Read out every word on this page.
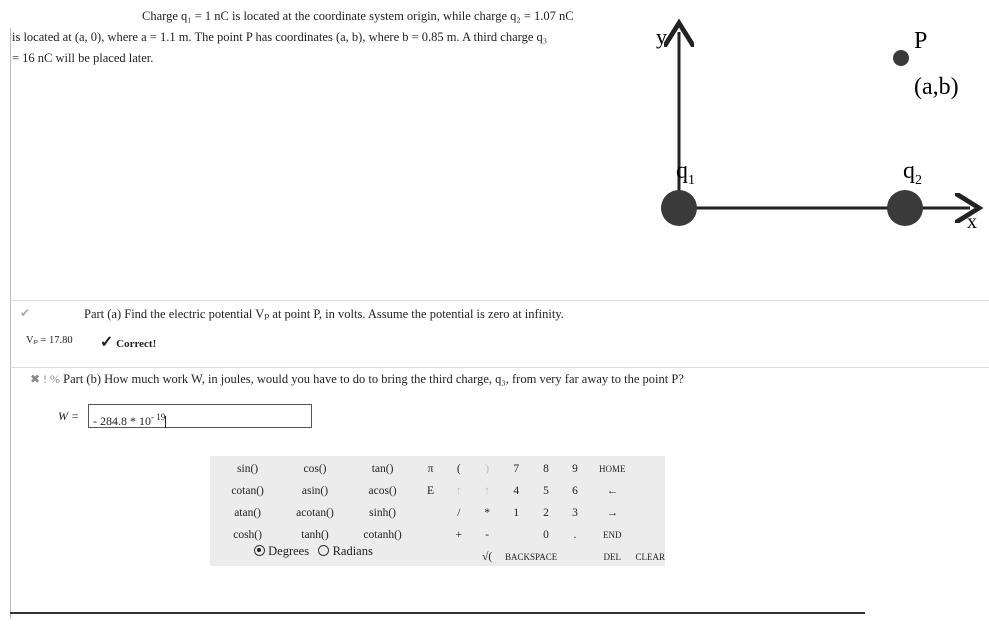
Charge q₁ = 1 nC is located at the coordinate system origin, while charge q₂ = 1.07 nC
is located at (a, 0), where a = 1.1 m. The point P has coordinates (a, b), where b = 0.85 m. A third charge q₃
= 16 nC will be placed later.
y
x
P
(a,b)
$q_1$	$q_2$
✔	Part (a) Find the electric potential Vₚ at point P, in volts. Assume the potential is zero at infinity.
Vₚ = 17.80 ✓ Correct!
✖ ! % Part (b) How much work W, in joules, would you have to do to bring the third charge, q₃, from very far away to the point P?
W =	- $284.8 * 10^{- 19}$
sin()	cos()	tan()	π	(	)	7	8	9	HOME	
cotan()	asin()	acos()	E	↑	↑	4	5	6	←	
atan()	acotan()	sinh()		/	*	1	2	3	→	
cosh()	tanh()	cotanh()		+	-		0	.	END	
					√(	BACKSPACE			DEL	CLEAR
Degrees Radians
